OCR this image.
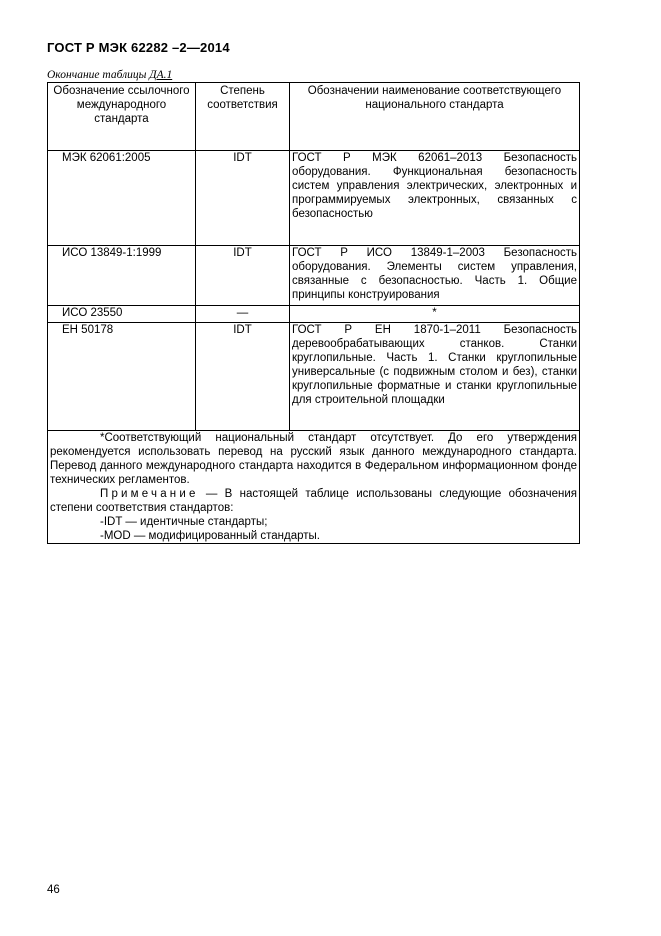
ГОСТ Р МЭК 62282 –2—2014
Окончание таблицы ДА.1
Обозначение ссылочного международного стандарта	Степень соответствия	Обозначении наименование соответствующего национального стандарта
МЭК 62061:2005	IDT	ГОСТ Р МЭК 62061–2013 Безопасность оборудования. Функциональная безопасность систем управления электрических, электронных и программируемых электронных, связанных с безопасностью
ИСО 13849-1:1999	IDT	ГОСТ Р ИСО 13849-1–2003 Безопасность оборудования. Элементы систем управления, связанные с безопасностью. Часть 1. Общие принципы конструирования
ИСО 23550	—	*
ЕН 50178	IDT	ГОСТ Р ЕН 1870-1–2011 Безопасность деревообрабатывающих станков. Станки круглопильные. Часть 1. Станки круглопильные универсальные (с подвижным столом и без), станки круглопильные форматные и станки круглопильные для строительной площадки

*Соответствующий национальный стандарт отсутствует. До его утверждения рекомендуется использовать перевод на русский язык данного международного стандарта. Перевод данного международного стандарта находится в Федеральном информационном фонде технических регламентов.

Примечание — В настоящей таблице использованы следующие обозначения степени соответствия стандартов:

-IDT — идентичные стандарты;

-MOD — модифицированный стандарты.		

46
